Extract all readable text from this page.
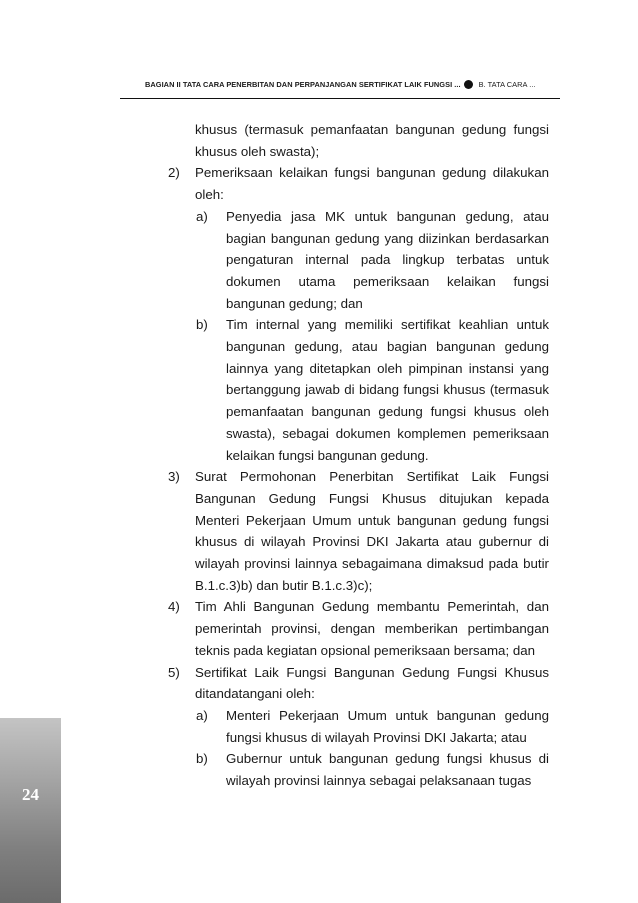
BAGIAN II TATA CARA PENERBITAN DAN PERPANJANGAN SERTIFIKAT LAIK FUNGSI ... B. TATA CARA ...
khusus (termasuk pemanfaatan bangunan gedung fungsi khusus oleh swasta);
2) Pemeriksaan kelaikan fungsi bangunan gedung dilakukan oleh:
a) Penyedia jasa MK untuk bangunan gedung, atau bagian bangunan gedung yang diizinkan berdasarkan pengaturan internal pada lingkup terbatas untuk dokumen utama pemeriksaan kelaikan fungsi bangunan gedung; dan
b) Tim internal yang memiliki sertifikat keahlian untuk bangunan gedung, atau bagian bangunan gedung lainnya yang ditetapkan oleh pimpinan instansi yang bertanggung jawab di bidang fungsi khusus (termasuk pemanfaatan bangunan gedung fungsi khusus oleh swasta), sebagai dokumen komplemen pemeriksaan kelaikan fungsi bangunan gedung.
3) Surat Permohonan Penerbitan Sertifikat Laik Fungsi Bangunan Gedung Fungsi Khusus ditujukan kepada Menteri Pekerjaan Umum untuk bangunan gedung fungsi khusus di wilayah Provinsi DKI Jakarta atau gubernur di wilayah provinsi lainnya sebagaimana dimaksud pada butir B.1.c.3)b) dan butir B.1.c.3)c);
4) Tim Ahli Bangunan Gedung membantu Pemerintah, dan pemerintah provinsi, dengan memberikan pertimbangan teknis pada kegiatan opsional pemeriksaan bersama; dan
5) Sertifikat Laik Fungsi Bangunan Gedung Fungsi Khusus ditandatangani oleh:
a) Menteri Pekerjaan Umum untuk bangunan gedung fungsi khusus di wilayah Provinsi DKI Jakarta; atau
b) Gubernur untuk bangunan gedung fungsi khusus di wilayah provinsi lainnya sebagai pelaksanaan tugas
24
